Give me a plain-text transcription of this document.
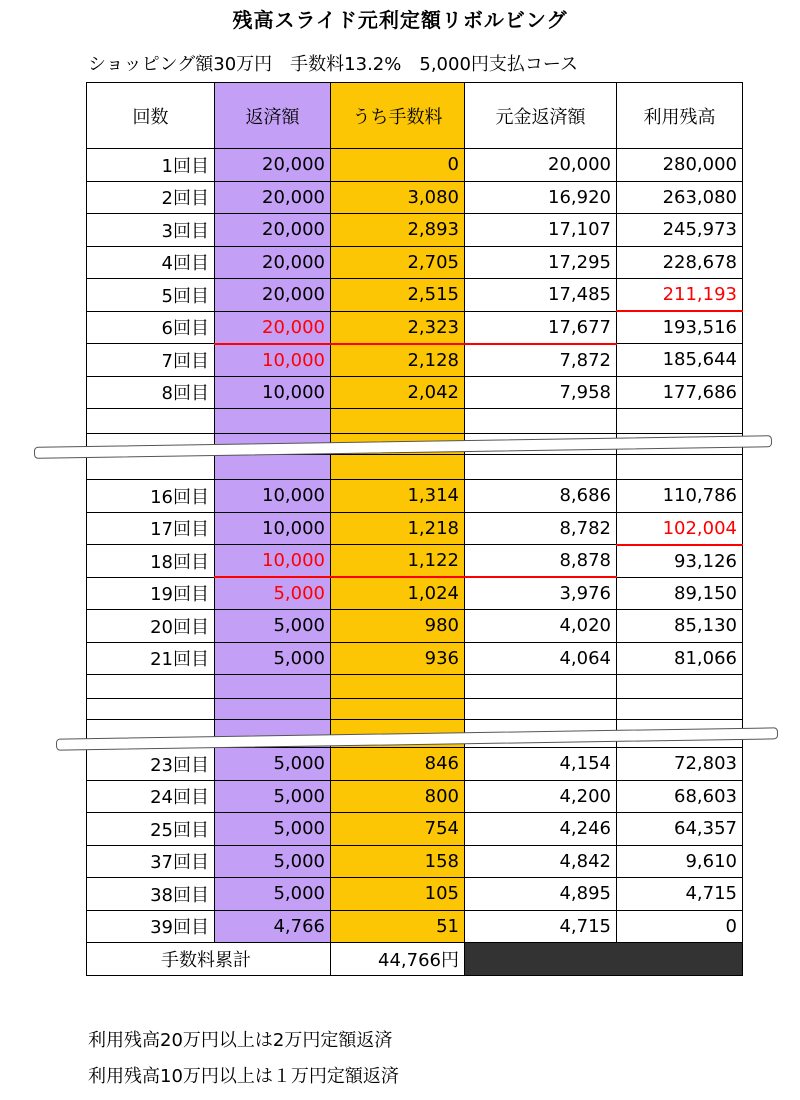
残高スライド元利定額リボルビング
ショッピング額30万円　手数料13.2%　5,000円支払コース
回数	返済額	うち手数料	元金返済額	利用残高
1回目	20,000	0	20,000	280,000
2回目	20,000	3,080	16,920	263,080
3回目	20,000	2,893	17,107	245,973
4回目	20,000	2,705	17,295	228,678
5回目	20,000	2,515	17,485	211,193
6回目	20,000	2,323	17,677	193,516
7回目	10,000	2,128	7,872	185,644
8回目	10,000	2,042	7,958	177,686

16回目	10,000	1,314	8,686	110,786
17回目	10,000	1,218	8,782	102,004
18回目	10,000	1,122	8,878	93,126
19回目	5,000	1,024	3,976	89,150
20回目	5,000	980	4,020	85,130
21回目	5,000	936	4,064	81,066

23回目	5,000	846	4,154	72,803
24回目	5,000	800	4,200	68,603
25回目	5,000	754	4,246	64,357
37回目	5,000	158	4,842	9,610
38回目	5,000	105	4,895	4,715
39回目	4,766	51	4,715	0
手数料累計		44,766円		
利用残高20万円以上は2万円定額返済
利用残高10万円以上は１万円定額返済
